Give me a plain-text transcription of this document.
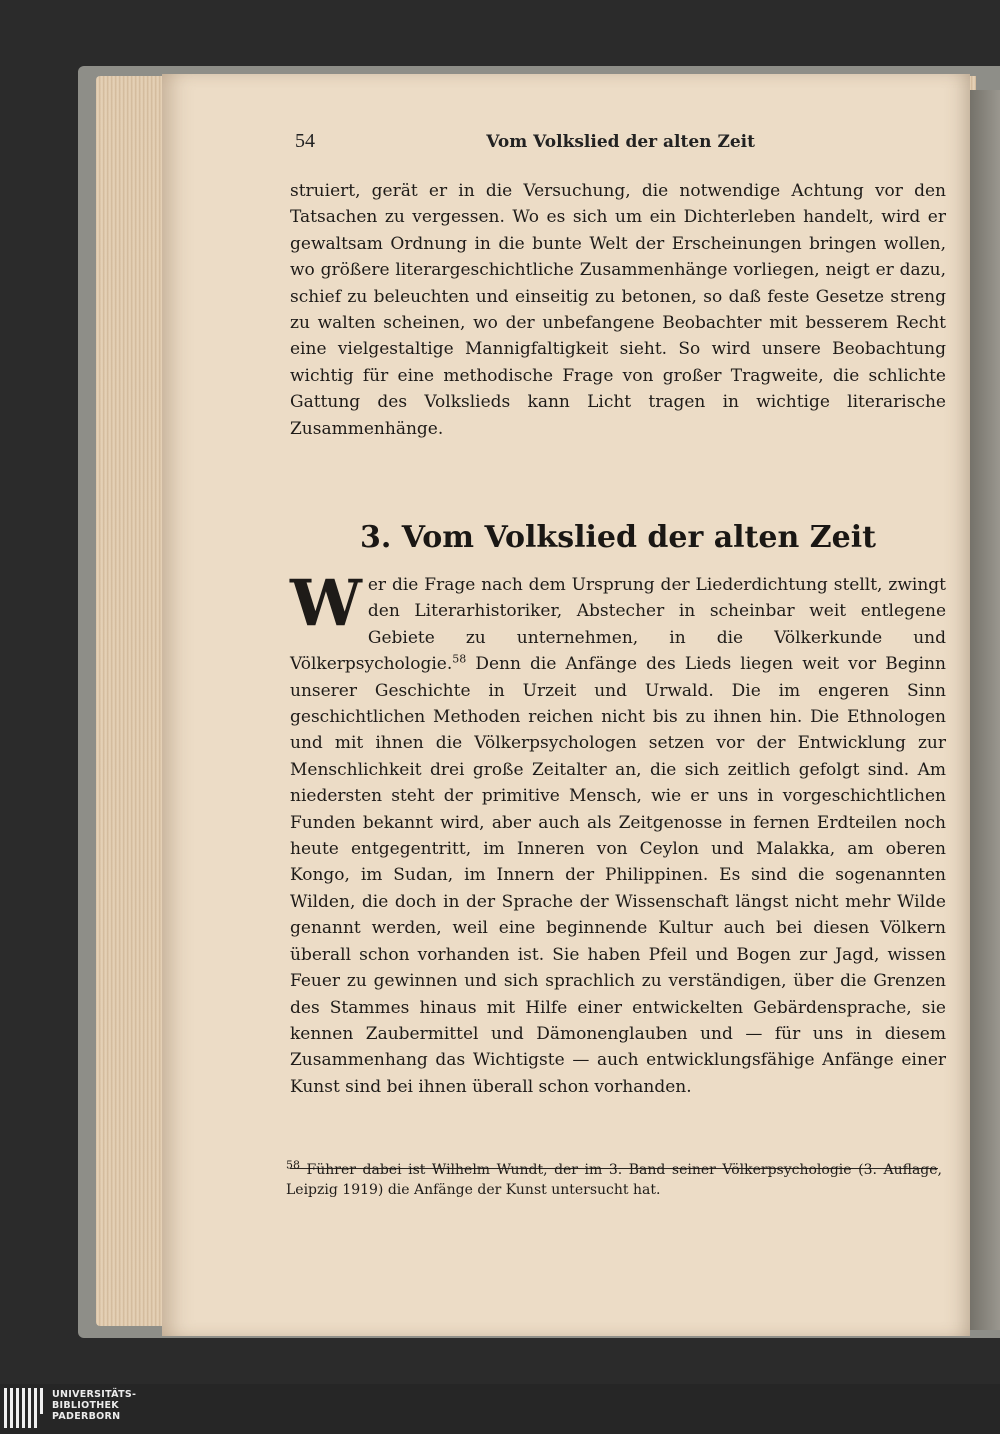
54	Vom Volkslied der alten Zeit

struiert, gerät er in die Versuchung, die notwendige Achtung vor den Tatsachen zu vergessen. Wo es sich um ein Dichterleben handelt, wird er gewaltsam Ordnung in die bunte Welt der Erscheinungen bringen wollen, wo größere literargeschichtliche Zusammenhänge vorliegen, neigt er dazu, schief zu beleuchten und einseitig zu betonen, so daß feste Gesetze streng zu walten scheinen, wo der unbefangene Beobachter mit besserem Recht eine vielgestaltige Mannigfaltigkeit sieht. So wird unsere Beobachtung wichtig für eine methodische Frage von großer Tragweite, die schlichte Gattung des Volkslieds kann Licht tragen in wichtige literarische Zusammenhänge.

3. Vom Volkslied der alten Zeit

Wer die Frage nach dem Ursprung der Liederdichtung stellt, zwingt den Literarhistoriker, Abstecher in scheinbar weit entlegene Gebiete zu unternehmen, in die Völkerkunde und Völkerpsychologie.$^{58}$ Denn die Anfänge des Lieds liegen weit vor Beginn unserer Geschichte in Urzeit und Urwald. Die im engeren Sinn geschichtlichen Methoden reichen nicht bis zu ihnen hin. Die Ethnologen und mit ihnen die Völkerpsychologen setzen vor der Entwicklung zur Menschlichkeit drei große Zeitalter an, die sich zeitlich gefolgt sind. Am niedersten steht der primitive Mensch, wie er uns in vorgeschichtlichen Funden bekannt wird, aber auch als Zeitgenosse in fernen Erdteilen noch heute entgegentritt, im Inneren von Ceylon und Malakka, am oberen Kongo, im Sudan, im Innern der Philippinen. Es sind die sogenannten Wilden, die doch in der Sprache der Wissenschaft längst nicht mehr Wilde genannt werden, weil eine beginnende Kultur auch bei diesen Völkern überall schon vorhanden ist. Sie haben Pfeil und Bogen zur Jagd, wissen Feuer zu gewinnen und sich sprachlich zu verständigen, über die Grenzen des Stammes hinaus mit Hilfe einer entwickelten Gebärdensprache, sie kennen Zaubermittel und Dämonenglauben und — für uns in diesem Zusammenhang das Wichtigste — auch entwicklungsfähige Anfänge einer Kunst sind bei ihnen überall schon vorhanden.

$^{58}$ Führer dabei ist Wilhelm Wundt, der im 3. Band seiner Völkerpsychologie (3. Auflage, Leipzig 1919) die Anfänge der Kunst untersucht hat.

UNIVERSITÄTS-
BIBLIOTHEK
PADERBORN
